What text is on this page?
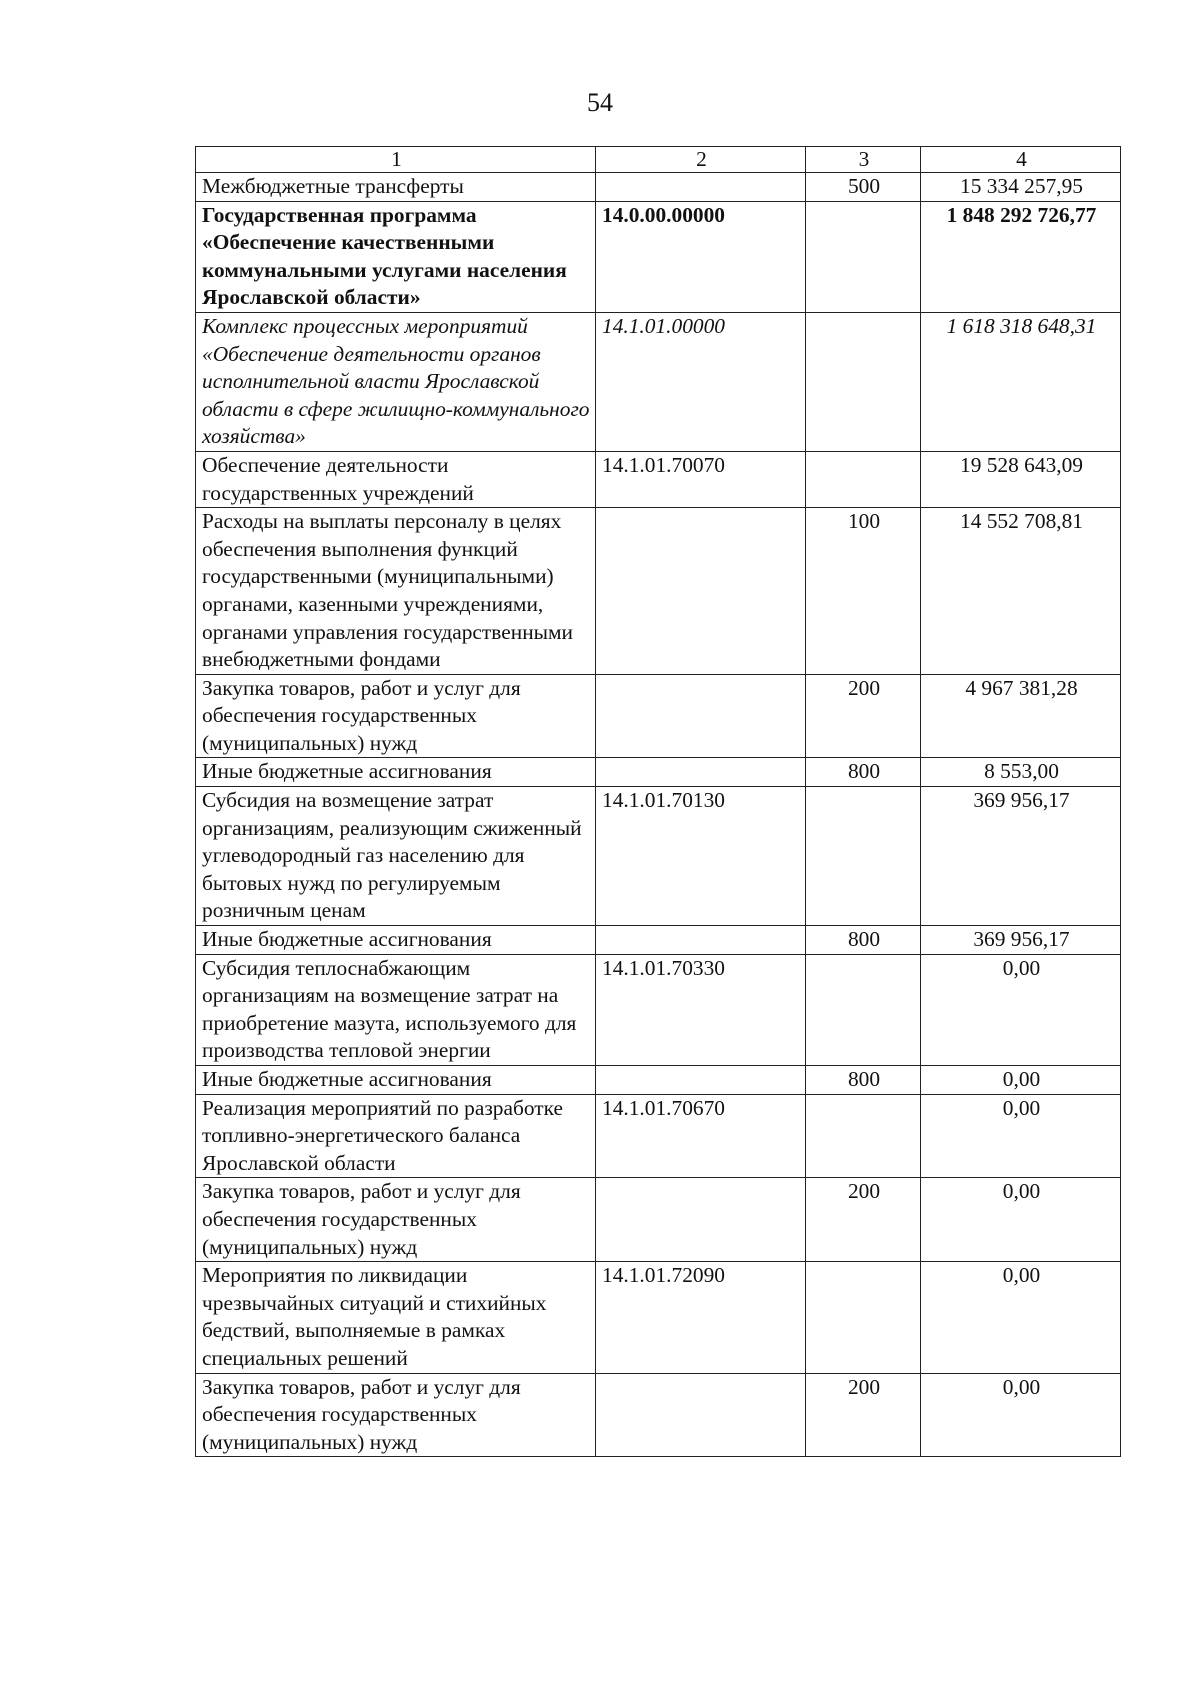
54
1	2	3	4
Межбюджетные трансферты		500	15 334 257,95
Государственная программа «Обеспечение качественными коммунальными услугами населения Ярославской области»	14.0.00.00000		1 848 292 726,77
Комплекс процессных мероприятий «Обеспечение деятельности органов исполнительной власти Ярославской области в сфере жилищно-коммунального хозяйства»	14.1.01.00000		1 618 318 648,31
Обеспечение деятельности государственных учреждений	14.1.01.70070		19 528 643,09
Расходы на выплаты персоналу в целях обеспечения выполнения функций государственными (муниципальными) органами, казенными учреждениями, органами управления государственными внебюджетными фондами		100	14 552 708,81
Закупка товаров, работ и услуг для обеспечения государственных (муниципальных) нужд		200	4 967 381,28
Иные бюджетные ассигнования		800	8 553,00
Субсидия на возмещение затрат организациям, реализующим сжиженный углеводородный газ населению для бытовых нужд по регулируемым розничным ценам	14.1.01.70130		369 956,17
Иные бюджетные ассигнования		800	369 956,17
Субсидия теплоснабжающим организациям на возмещение затрат на приобретение мазута, используемого для производства тепловой энергии	14.1.01.70330		0,00
Иные бюджетные ассигнования		800	0,00
Реализация мероприятий по разработке топливно-энергетического баланса Ярославской области	14.1.01.70670		0,00
Закупка товаров, работ и услуг для обеспечения государственных (муниципальных) нужд		200	0,00
Мероприятия по ликвидации чрезвычайных ситуаций и стихийных бедствий, выполняемые в рамках специальных решений	14.1.01.72090		0,00
Закупка товаров, работ и услуг для обеспечения государственных (муниципальных) нужд		200	0,00
